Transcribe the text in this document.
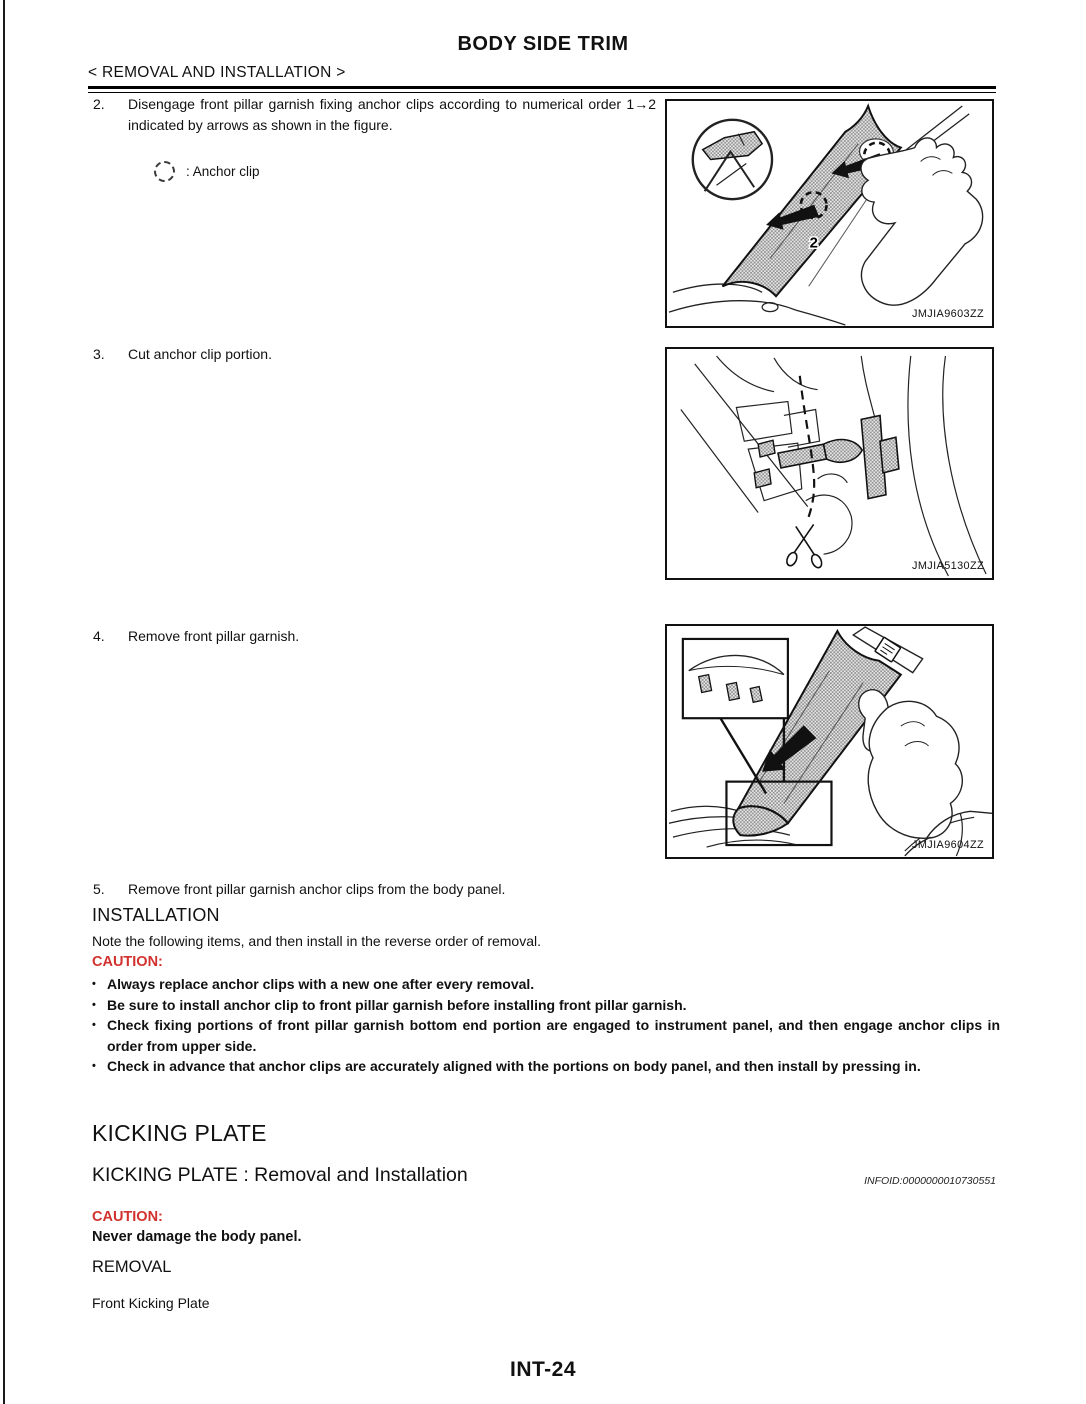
BODY SIDE TRIM
< REMOVAL AND INSTALLATION >
2.	Disengage front pillar garnish fixing anchor clips according to numerical order 1→2 indicated by arrows as shown in the figure.
: Anchor clip
2
JMJIA9603ZZ
3.	Cut anchor clip portion.
JMJIA5130ZZ
4.	Remove front pillar garnish.
JMJIA9604ZZ
5.	Remove front pillar garnish anchor clips from the body panel.
INSTALLATION
Note the following items, and then install in the reverse order of removal.
CAUTION:
• Always replace anchor clips with a new one after every removal.
• Be sure to install anchor clip to front pillar garnish before installing front pillar garnish.
• Check fixing portions of front pillar garnish bottom end portion are engaged to instrument panel, and then engage anchor clips in order from upper side.
• Check in advance that anchor clips are accurately aligned with the portions on body panel, and then install by pressing in.
KICKING PLATE
KICKING PLATE : Removal and Installation	INFOID:0000000010730551
CAUTION:
Never damage the body panel.
REMOVAL
Front Kicking Plate
INT-24
